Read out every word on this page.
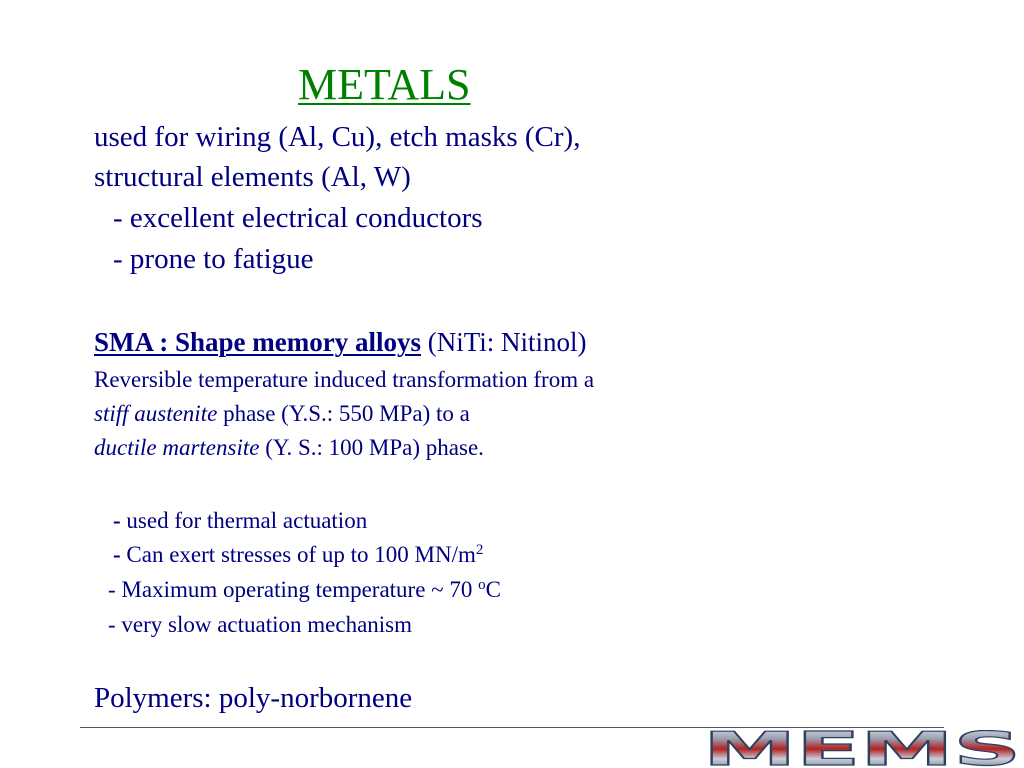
METALS
used for wiring (Al, Cu), etch masks (Cr),
structural elements (Al, W)
- excellent electrical conductors
- prone to fatigue
SMA : Shape memory alloys (NiTi: Nitinol)
Reversible temperature induced transformation from a
stiff austenite phase (Y.S.: 550 MPa) to a
ductile martensite (Y. S.: 100 MPa) phase.
- used for thermal actuation
- Can exert stresses of up to 100 $MN/m^2$
- Maximum operating temperature ~ 70 $^o$C
- very slow actuation mechanism
Polymers: poly-norbornene
MEMS
